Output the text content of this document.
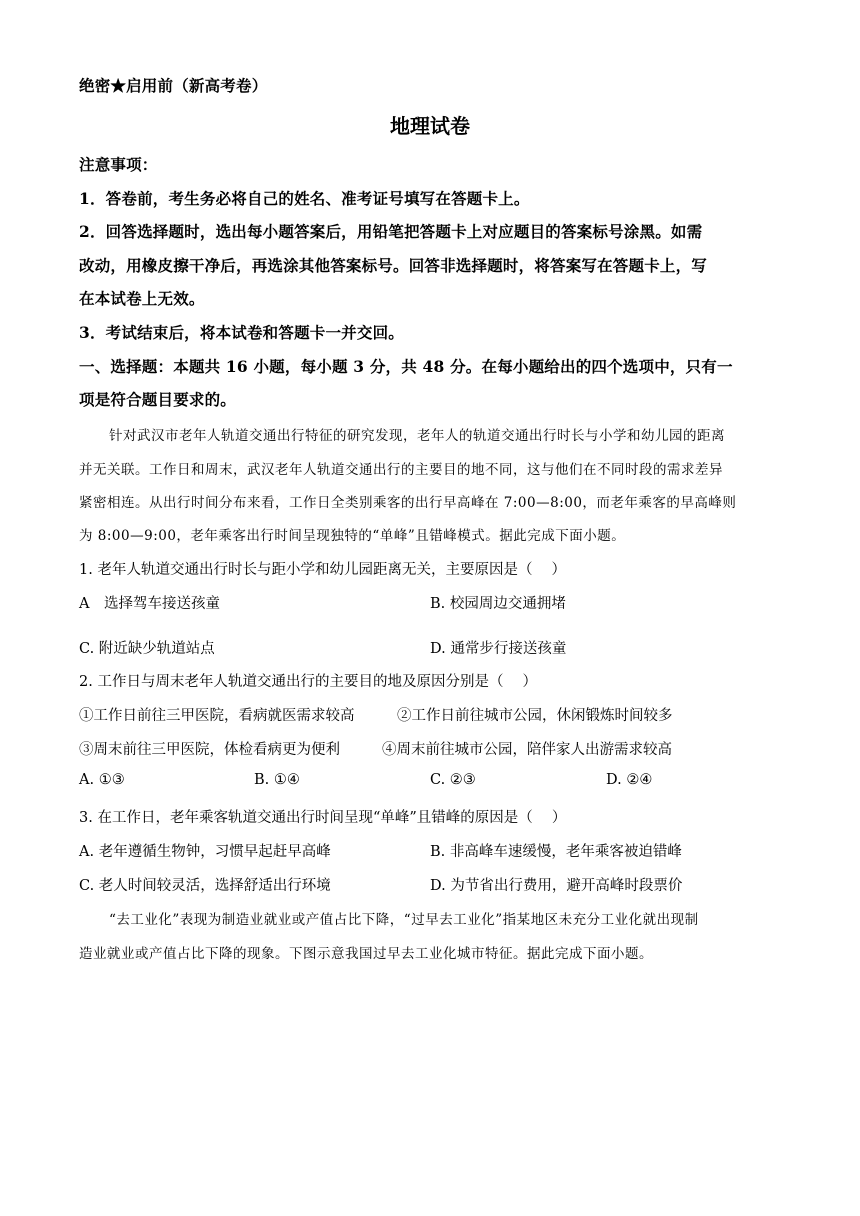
绝密★启用前（新高考卷）
地理试卷
注意事项：
1．答卷前，考生务必将自己的姓名、准考证号填写在答题卡上。
2．回答选择题时，选出每小题答案后，用铅笔把答题卡上对应题目的答案标号涂黑。如需
改动，用橡皮擦干净后，再选涂其他答案标号。回答非选择题时，将答案写在答题卡上，写
在本试卷上无效。
3．考试结束后，将本试卷和答题卡一并交回。
一、选择题：本题共 16 小题，每小题 3 分，共 48 分。在每小题给出的四个选项中，只有一
项是符合题目要求的。
针对武汉市老年人轨道交通出行特征的研究发现，老年人的轨道交通出行时长与小学和幼儿园的距离
并无关联。工作日和周末，武汉老年人轨道交通出行的主要目的地不同，这与他们在不同时段的需求差异
紧密相连。从出行时间分布来看，工作日全类别乘客的出行早高峰在 7:00—8:00，而老年乘客的早高峰则
为 8:00—9:00，老年乘客出行时间呈现独特的“单峰”且错峰模式。据此完成下面小题。
1. 老年人轨道交通出行时长与距小学和幼儿园距离无关，主要原因是（　 ）
A　选择驾车接送孩童	B. 校园周边交通拥堵
C. 附近缺少轨道站点	D. 通常步行接送孩童
2. 工作日与周末老年人轨道交通出行的主要目的地及原因分别是（　 ）
①工作日前往三甲医院，看病就医需求较高	②工作日前往城市公园，休闲锻炼时间较多
③周末前往三甲医院，体检看病更为便利	④周末前往城市公园，陪伴家人出游需求较高
A. ①③	B. ①④	C. ②③	D. ②④
3. 在工作日，老年乘客轨道交通出行时间呈现“单峰”且错峰的原因是（　 ）
A. 老年遵循生物钟，习惯早起赶早高峰	B. 非高峰车速缓慢，老年乘客被迫错峰
C. 老人时间较灵活，选择舒适出行环境	D. 为节省出行费用，避开高峰时段票价
“去工业化”表现为制造业就业或产值占比下降，“过早去工业化”指某地区未充分工业化就出现制
造业就业或产值占比下降的现象。下图示意我国过早去工业化城市特征。据此完成下面小题。
